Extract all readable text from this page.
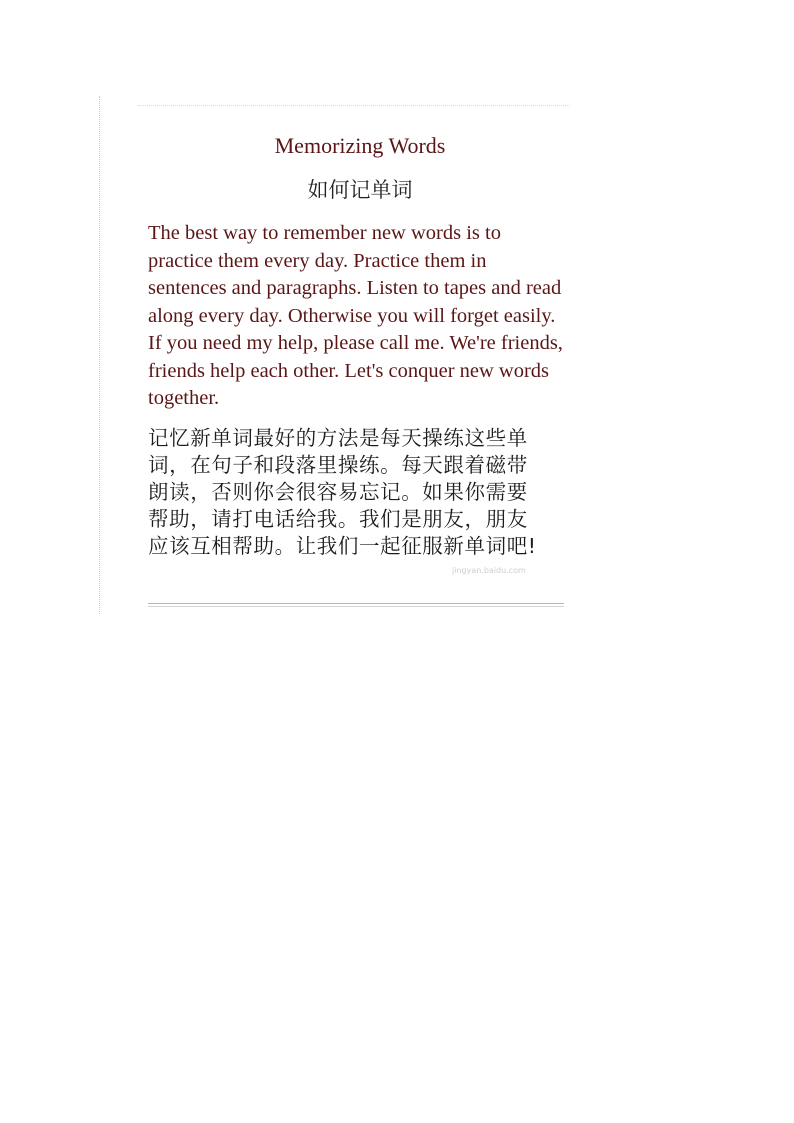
Memorizing Words
如何记单词

The best way to remember new words is to practice them every day. Practice them in sentences and paragraphs. Listen to tapes and read along every day. Otherwise you will forget easily. If you need my help, please call me. We're friends, friends help each other. Let's conquer new words together.

记忆新单词最好的方法是每天操练这些单词，在句子和段落里操练。每天跟着磁带朗读，否则你会很容易忘记。如果你需要帮助，请打电话给我。我们是朋友，朋友应该互相帮助。让我们一起征服新单词吧!

jingyan.baidu.com
